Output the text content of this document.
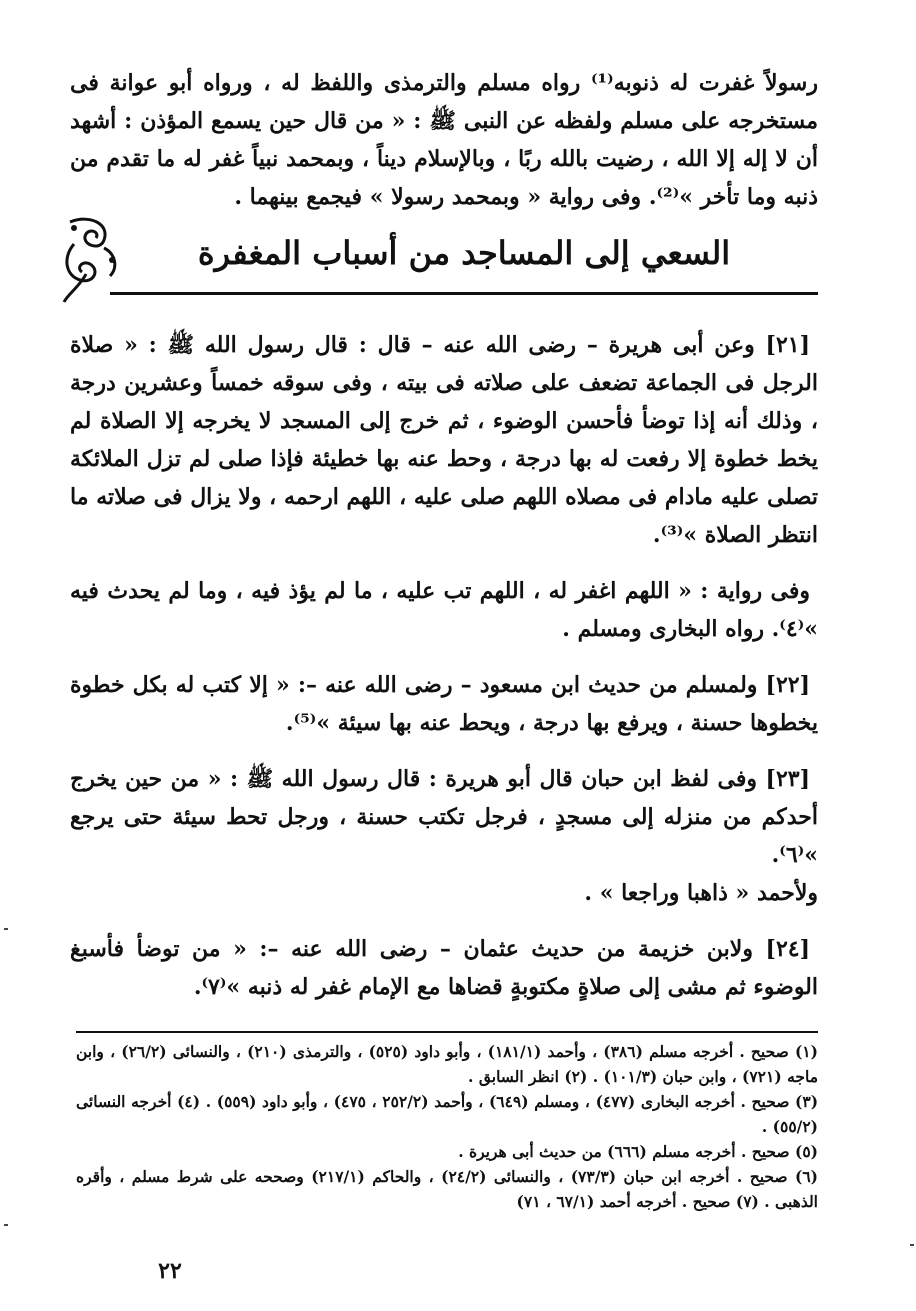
رسولاً غفرت له ذنوبه⁽¹⁾ رواه مسلم والترمذى واللفظ له ، ورواه أبو عوانة فى مستخرجه على مسلم ولفظه عن النبى ﷺ : « من قال حين يسمع المؤذن : أشهد أن لا إله إلا الله ، رضيت بالله ربًا ، وبالإسلام ديناً ، وبمحمد نبياً غفر له ما تقدم من ذنبه وما تأخر »⁽²⁾. وفى رواية « وبمحمد رسولا » فيجمع بينهما .

السعي إلى المساجد من أسباب المغفرة

[٢١] وعن أبى هريرة – رضى الله عنه – قال : قال رسول الله ﷺ : « صلاة الرجل فى الجماعة تضعف على صلاته فى بيته ، وفى سوقه خمساً وعشرين درجة ، وذلك أنه إذا توضأ فأحسن الوضوء ، ثم خرج إلى المسجد لا يخرجه إلا الصلاة لم يخط خطوة إلا رفعت له بها درجة ، وحط عنه بها خطيئة فإذا صلى لم تزل الملائكة تصلى عليه مادام فى مصلاه اللهم صلى عليه ، اللهم ارحمه ، ولا يزال فى صلاته ما انتظر الصلاة »⁽³⁾.

وفى رواية : « اللهم اغفر له ، اللهم تب عليه ، ما لم يؤذ فيه ، وما لم يحدث فيه »⁽٤⁾. رواه البخارى ومسلم .

[٢٢] ولمسلم من حديث ابن مسعود – رضى الله عنه –: « إلا كتب له بكل خطوة يخطوها حسنة ، ويرفع بها درجة ، ويحط عنه بها سيئة »⁽⁵⁾.

[٢٣] وفى لفظ ابن حبان قال أبو هريرة : قال رسول الله ﷺ : « من حين يخرج أحدكم من منزله إلى مسجدٍ ، فرجل تكتب حسنة ، ورجل تحط سيئة حتى يرجع »⁽٦⁾.

ولأحمد « ذاهبا وراجعا » .

[٢٤] ولابن خزيمة من حديث عثمان – رضى الله عنه –: « من توضأ فأسبغ الوضوء ثم مشى إلى صلاةٍ مكتوبةٍ قضاها مع الإمام غفر له ذنبه »⁽٧⁾.

(١) صحيح . أخرجه مسلم (٣٨٦) ، وأحمد (١٨١/١) ، وأبو داود (٥٢٥) ، والترمذى (٢١٠) ، والنسائى (٢٦/٢) ، وابن ماجه (٧٢١) ، وابن حبان (١٠١/٣) . (٢) انظر السابق .

(٣) صحيح . أخرجه البخارى (٤٧٧) ، ومسلم (٦٤٩) ، وأحمد (٢٥٢/٢ ، ٤٧٥) ، وأبو داود (٥٥٩) . (٤) أخرجه النسائى (٥٥/٢) .

(٥) صحيح . أخرجه مسلم (٦٦٦) من حديث أبى هريرة .

(٦) صحيح . أخرجه ابن حبان (٧٣/٣) ، والنسائى (٢٤/٢) ، والحاكم (٢١٧/١) وصححه على شرط مسلم ، وأقره الذهبى . (٧) صحيح . أخرجه أحمد (٦٧/١ ، ٧١)

٢٢
